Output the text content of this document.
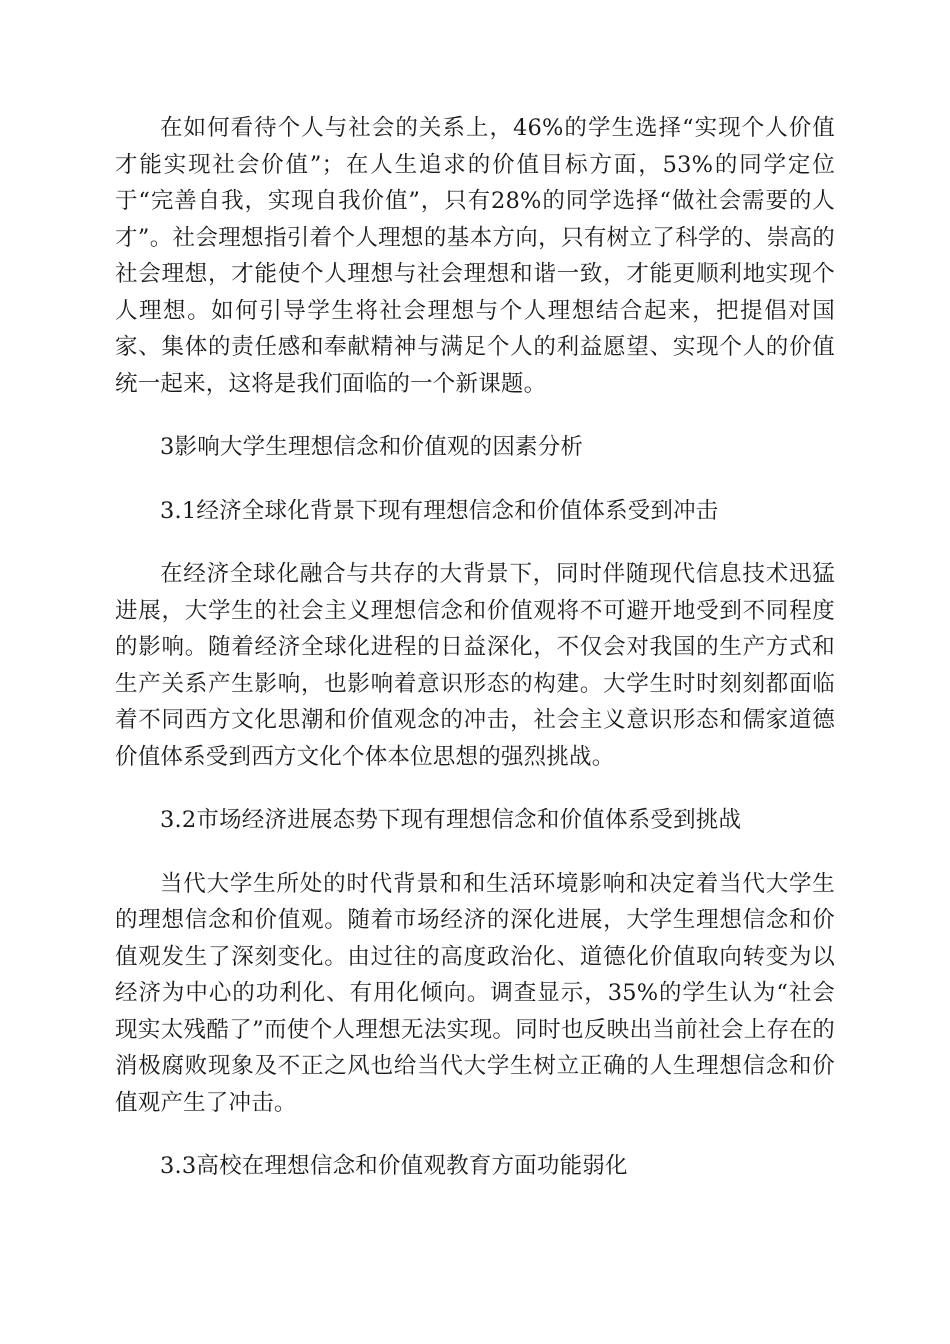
在如何看待个人与社会的关系上，46%的学生选择“实现个人价值才能实现社会价值”；在人生追求的价值目标方面，53%的同学定位于“完善自我，实现自我价值”，只有28%的同学选择“做社会需要的人才”。社会理想指引着个人理想的基本方向，只有树立了科学的、崇高的社会理想，才能使个人理想与社会理想和谐一致，才能更顺利地实现个人理想。如何引导学生将社会理想与个人理想结合起来，把提倡对国家、集体的责任感和奉献精神与满足个人的利益愿望、实现个人的价值统一起来，这将是我们面临的一个新课题。

3影响大学生理想信念和价值观的因素分析

3.1经济全球化背景下现有理想信念和价值体系受到冲击

在经济全球化融合与共存的大背景下，同时伴随现代信息技术迅猛进展，大学生的社会主义理想信念和价值观将不可避开地受到不同程度的影响。随着经济全球化进程的日益深化，不仅会对我国的生产方式和生产关系产生影响，也影响着意识形态的构建。大学生时时刻刻都面临着不同西方文化思潮和价值观念的冲击，社会主义意识形态和儒家道德价值体系受到西方文化个体本位思想的强烈挑战。

3.2市场经济进展态势下现有理想信念和价值体系受到挑战

当代大学生所处的时代背景和和生活环境影响和决定着当代大学生的理想信念和价值观。随着市场经济的深化进展，大学生理想信念和价值观发生了深刻变化。由过往的高度政治化、道德化价值取向转变为以经济为中心的功利化、有用化倾向。调查显示，35%的学生认为“社会现实太残酷了”而使个人理想无法实现。同时也反映出当前社会上存在的消极腐败现象及不正之风也给当代大学生树立正确的人生理想信念和价值观产生了冲击。

3.3高校在理想信念和价值观教育方面功能弱化
